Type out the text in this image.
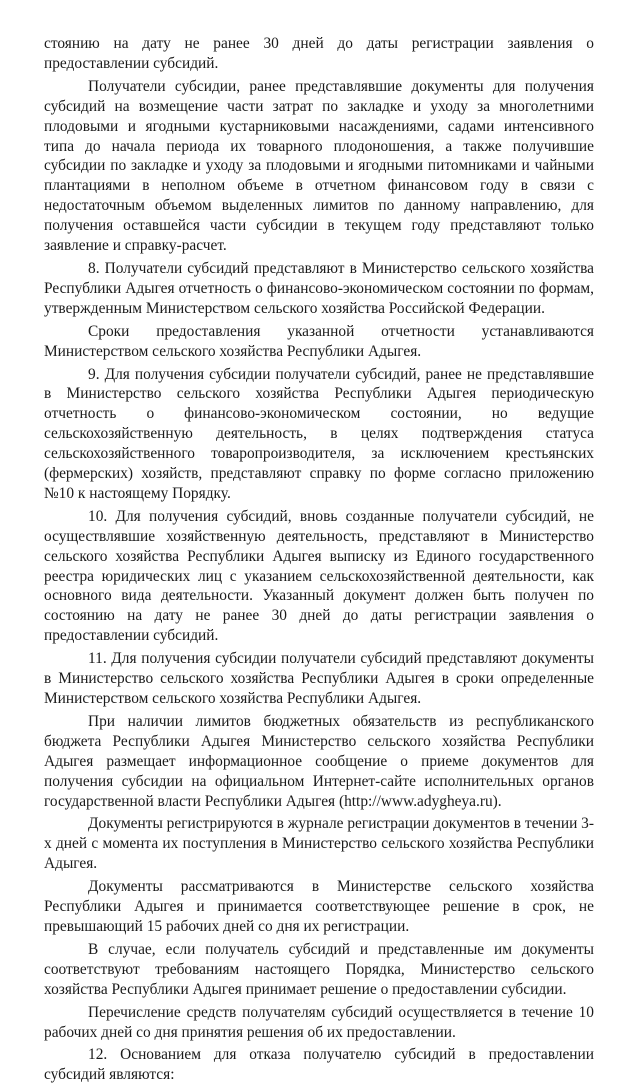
стоянию на дату не ранее 30 дней до даты регистрации заявления о предоставлении субсидий.

Получатели субсидии, ранее представлявшие документы для получения субсидий на возмещение части затрат по закладке и уходу за многолетними плодовыми и ягодными кустарниковыми насаждениями, садами интенсивного типа до начала периода их товарного плодоношения, а также получившие субсидии по закладке и уходу за плодовыми и ягодными питомниками и чайными плантациями в неполном объеме в отчетном финансовом году в связи с недостаточным объемом выделенных лимитов по данному направлению, для получения оставшейся части субсидии в текущем году представляют только заявление и справку-расчет.

8. Получатели субсидий представляют в Министерство сельского хозяйства Республики Адыгея отчетность о финансово-экономическом состоянии по формам, утвержденным Министерством сельского хозяйства Российской Федерации.

Сроки предоставления указанной отчетности устанавливаются Министерством сельского хозяйства Республики Адыгея.

9. Для получения субсидии получатели субсидий, ранее не представлявшие в Министерство сельского хозяйства Республики Адыгея периодическую отчетность о финансово-экономическом состоянии, но ведущие сельскохозяйственную деятельность, в целях подтверждения статуса сельскохозяйственного товаропроизводителя, за исключением крестьянских (фермерских) хозяйств, представляют справку по форме согласно приложению №10 к настоящему Порядку.

10. Для получения субсидий, вновь созданные получатели субсидий, не осуществлявшие хозяйственную деятельность, представляют в Министерство сельского хозяйства Республики Адыгея выписку из Единого государственного реестра юридических лиц с указанием сельскохозяйственной деятельности, как основного вида деятельности. Указанный документ должен быть получен по состоянию на дату не ранее 30 дней до даты регистрации заявления о предоставлении субсидий.

11. Для получения субсидии получатели субсидий представляют документы в Министерство сельского хозяйства Республики Адыгея в сроки определенные Министерством сельского хозяйства Республики Адыгея.

При наличии лимитов бюджетных обязательств из республиканского бюджета Республики Адыгея Министерство сельского хозяйства Республики Адыгея размещает информационное сообщение о приеме документов для получения субсидии на официальном Интернет-сайте исполнительных органов государственной власти Республики Адыгея (http://www.adygheya.ru).

Документы регистрируются в журнале регистрации документов в течении 3-х дней с момента их поступления в Министерство сельского хозяйства Республики Адыгея.

Документы рассматриваются в Министерстве сельского хозяйства Республики Адыгея и принимается соответствующее решение в срок, не превышающий 15 рабочих дней со дня их регистрации.

В случае, если получатель субсидий и представленные им документы соответствуют требованиям настоящего Порядка, Министерство сельского хозяйства Республики Адыгея принимает решение о предоставлении субсидии.

Перечисление средств получателям субсидий осуществляется в течение 10 рабочих дней со дня принятия решения об их предоставлении.

12. Основанием для отказа получателю субсидий в предоставлении субсидий являются:
